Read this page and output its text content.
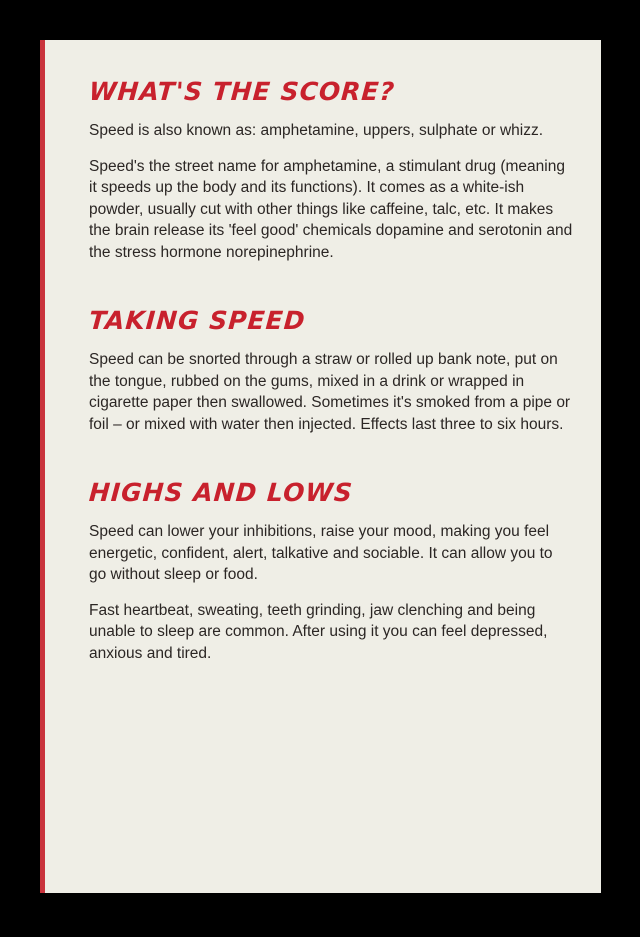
WHAT'S THE SCORE?

Speed is also known as: amphetamine, uppers, sulphate or whizz.

Speed's the street name for amphetamine, a stimulant drug (meaning it speeds up the body and its functions). It comes as a white-ish powder, usually cut with other things like caffeine, talc, etc. It makes the brain release its 'feel good' chemicals dopamine and serotonin and the stress hormone norepinephrine.

TAKING SPEED

Speed can be snorted through a straw or rolled up bank note, put on the tongue, rubbed on the gums, mixed in a drink or wrapped in cigarette paper then swallowed. Sometimes it's smoked from a pipe or foil – or mixed with water then injected. Effects last three to six hours.

HIGHS AND LOWS

Speed can lower your inhibitions, raise your mood, making you feel energetic, confident, alert, talkative and sociable. It can allow you to go without sleep or food.

Fast heartbeat, sweating, teeth grinding, jaw clenching and being unable to sleep are common. After using it you can feel depressed, anxious and tired.
